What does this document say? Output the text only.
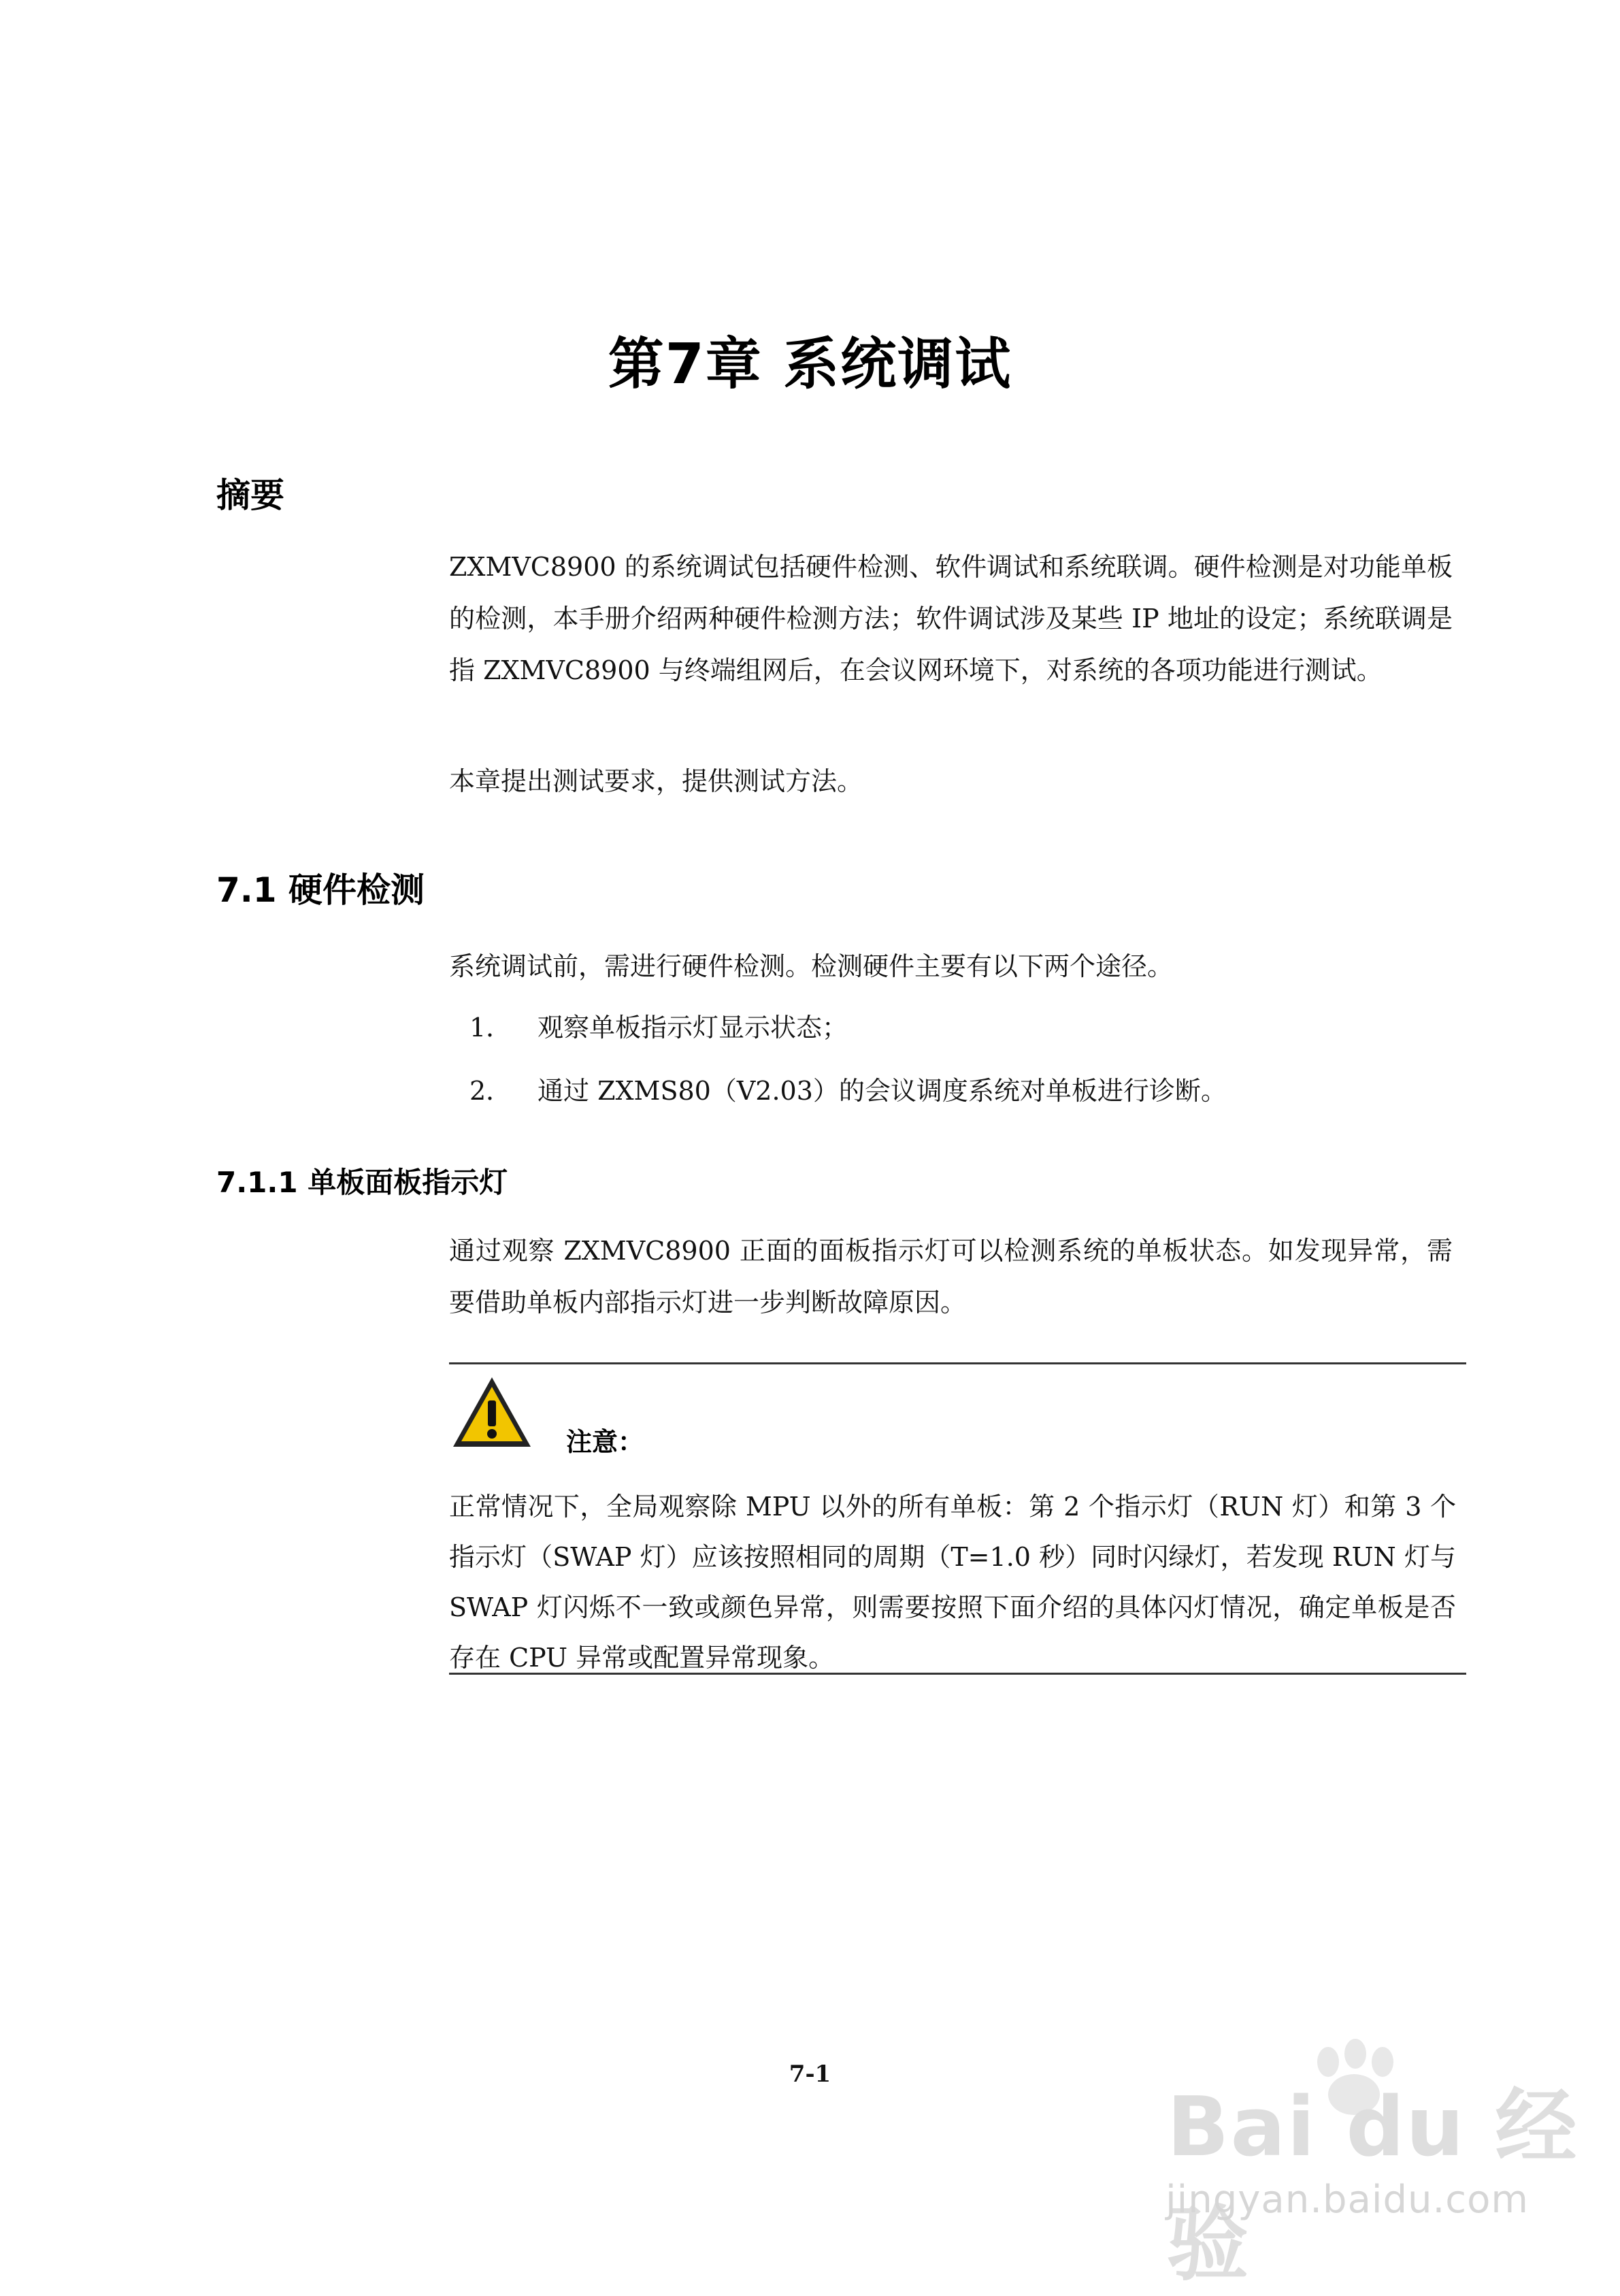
第7章 系统调试
摘要

ZXMVC8900 的系统调试包括硬件检测、软件调试和系统联调。硬件检测是对功能单板的检测，本手册介绍两种硬件检测方法；软件调试涉及某些 IP 地址的设定；系统联调是指 ZXMVC8900 与终端组网后，在会议网环境下，对系统的各项功能进行测试。

本章提出测试要求，提供测试方法。

7.1 硬件检测

系统调试前，需进行硬件检测。检测硬件主要有以下两个途径。

1． 观察单板指示灯显示状态；
2． 通过 ZXMS80（V2.03）的会议调度系统对单板进行诊断。
7.1.1 单板面板指示灯

通过观察 ZXMVC8900 正面的面板指示灯可以检测系统的单板状态。如发现异常，需要借助单板内部指示灯进一步判断故障原因。

注意：

正常情况下，全局观察除 MPU 以外的所有单板：第 2 个指示灯（RUN 灯）和第 3 个指示灯（SWAP 灯）应该按照相同的周期（T=1.0 秒）同时闪绿灯，若发现 RUN 灯与 SWAP 灯闪烁不一致或颜色异常，则需要按照下面介绍的具体闪灯情况，确定单板是否存在 CPU 异常或配置异常现象。

7-1
Bai du 经验
jingyan.baidu.com
